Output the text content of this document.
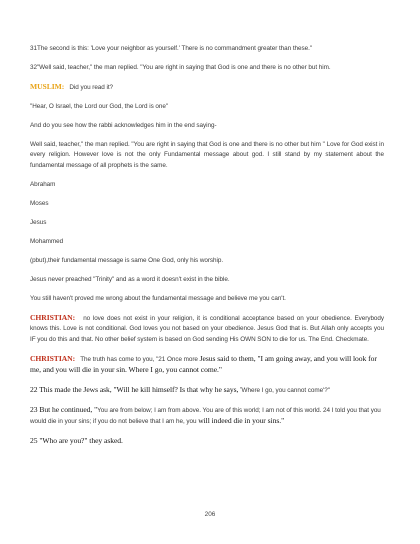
31The second is this: 'Love your neighbor as yourself.' There is no commandment greater than these."

32"Well said, teacher," the man replied. "You are right in saying that God is one and there is no other but him.

MUSLIM: Did you read it?

"Hear, O Israel, the Lord our God, the Lord is one"

And do you see how the rabbi acknowledges him in the end saying-

Well said, teacher," the man replied. "You are right in saying that God is one and there is no other but him " Love for God exist in every religion. However love is not the only Fundamental message about god. I still stand by my statement about the fundamental message of all prophets is the same.

Abraham

Moses

Jesus

Mohammed

(pbut),their fundamental message is same One God, only his worship.

Jesus never preached "Trinity" and as a word it doesn't exist in the bible.

You still haven't proved me wrong about the fundamental message and believe me you can't.

CHRISTIAN: no love does not exist in your religion, it is conditional acceptance based on your obedience. Everybody knows this. Love is not conditional. God loves you not based on your obedience. Jesus God that is. But Allah only accepts you IF you do this and that. No other belief system is based on God sending His OWN SON to die for us. The End. Checkmate.

CHRISTIAN: The truth has come to you, "21 Once more Jesus said to them, "I am going away, and you will look for me, and you will die in your sin. Where I go, you cannot come."

22 This made the Jews ask, "Will he kill himself? Is that why he says, 'Where I go, you cannot come'?"

23 But he continued, "You are from below; I am from above. You are of this world; I am not of this world. 24 I told you that you would die in your sins; if you do not believe that I am he, you will indeed die in your sins."

25 "Who are you?" they asked.

206
